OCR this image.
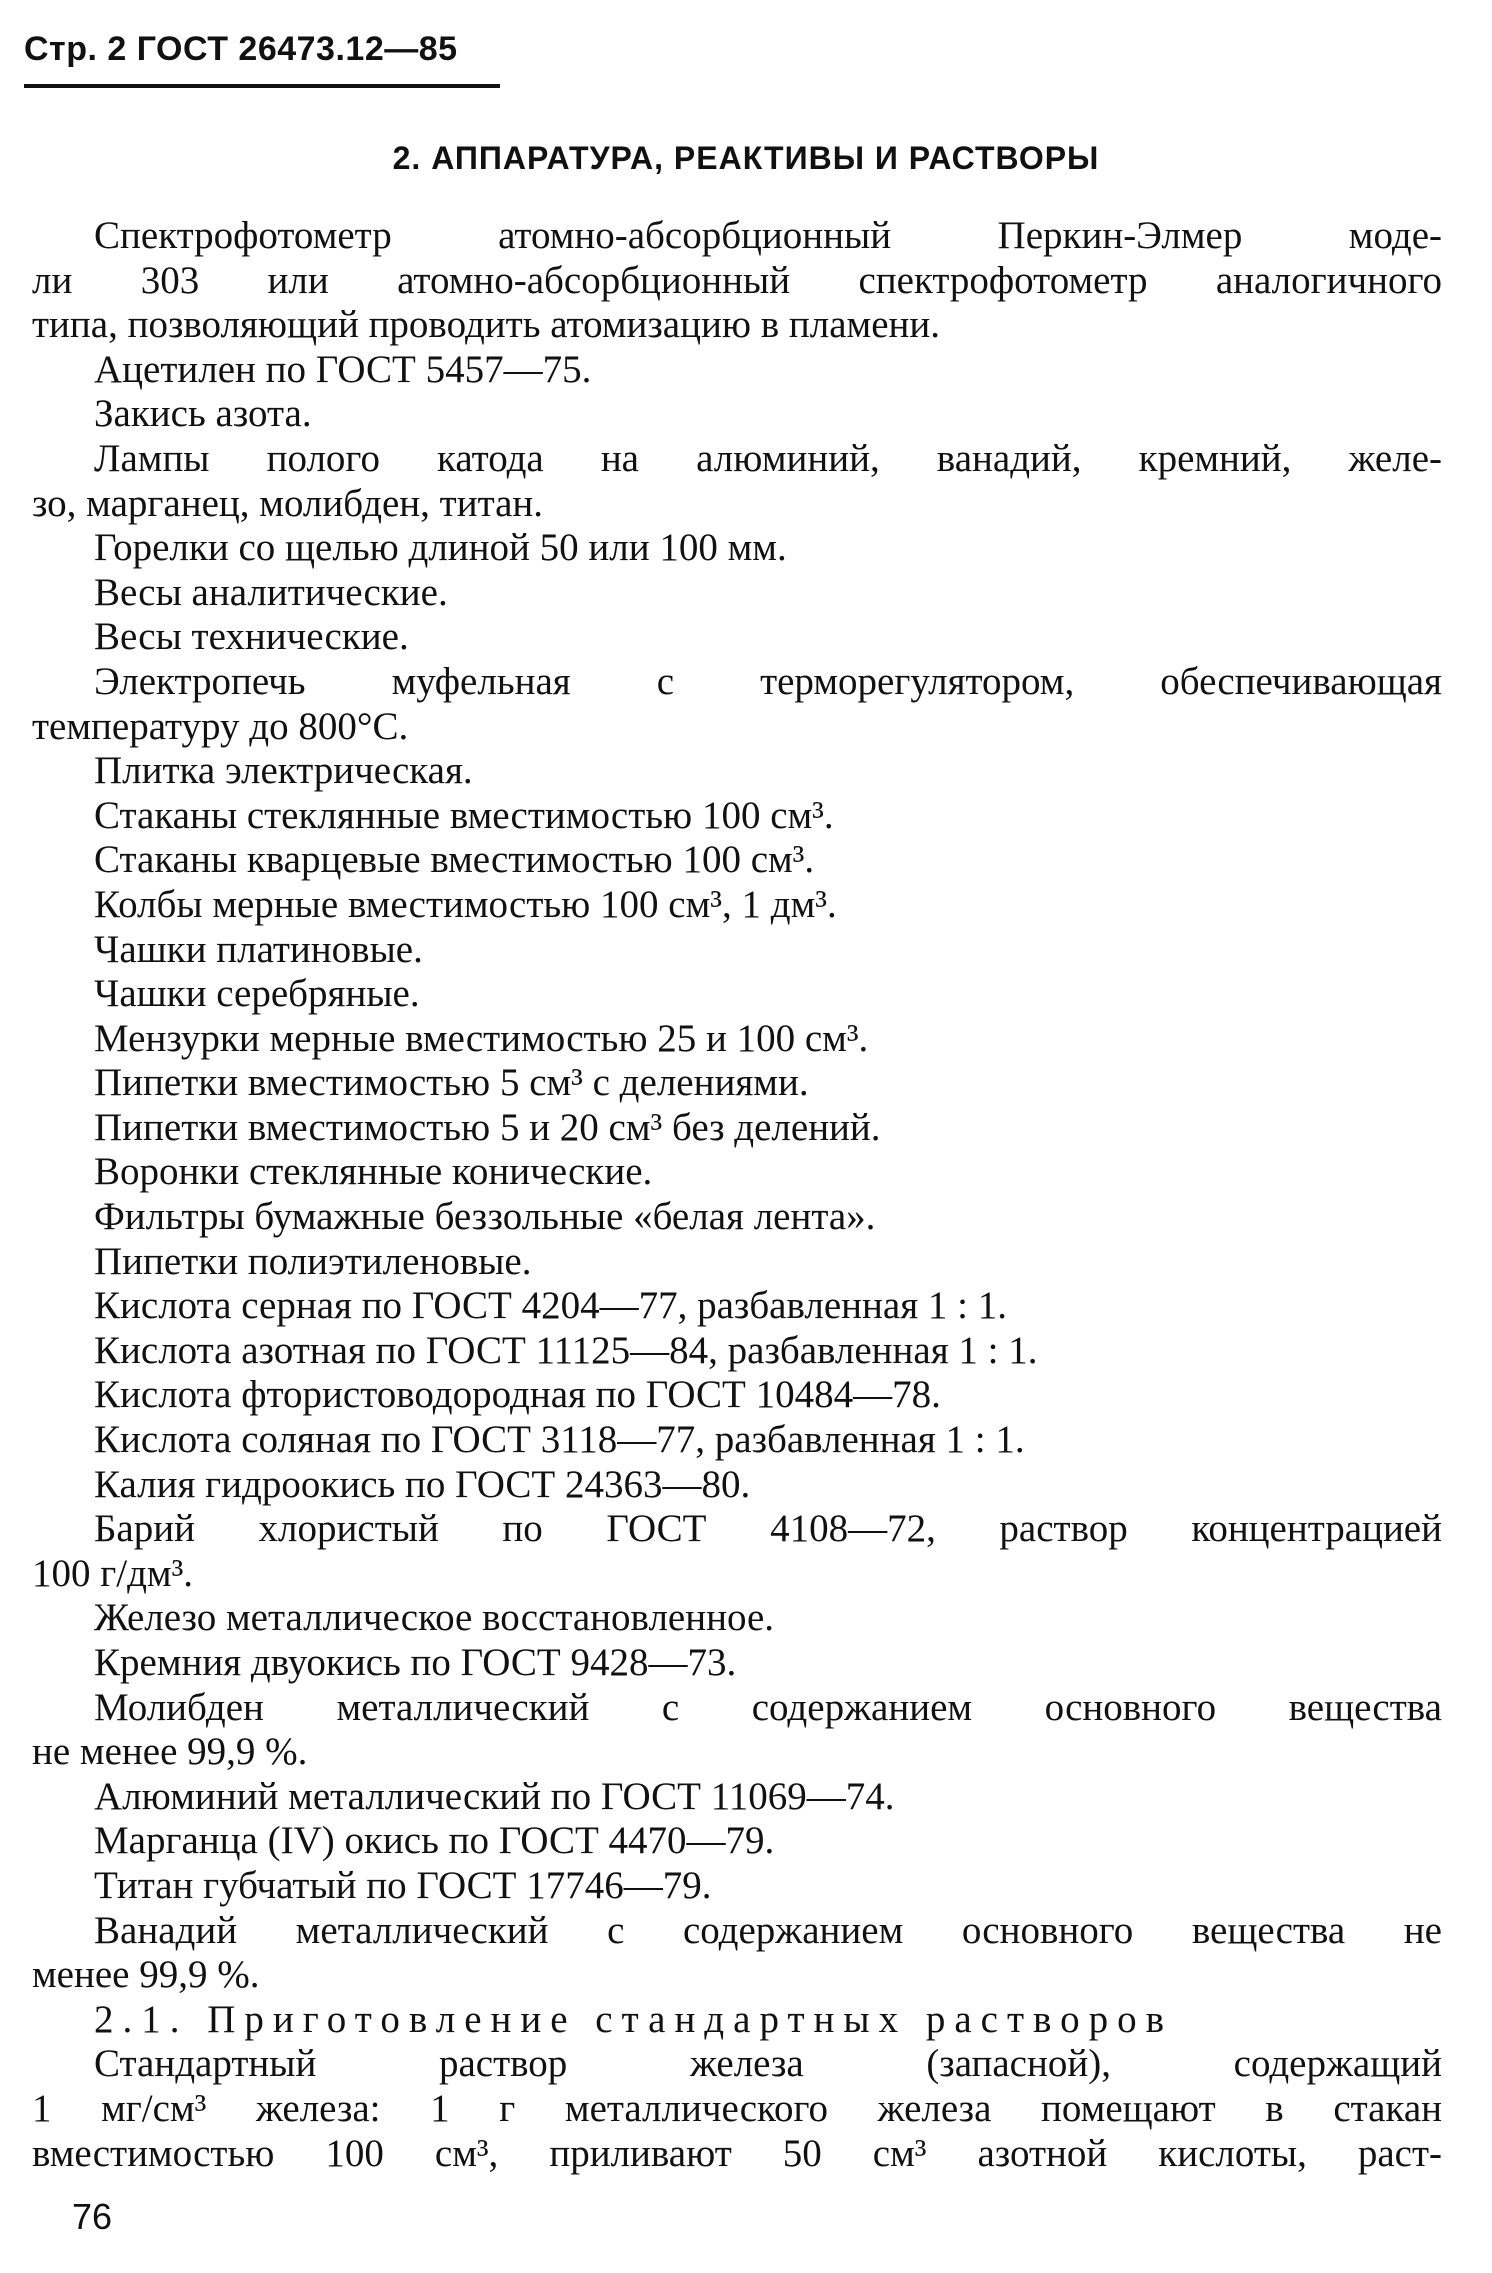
Стр. 2 ГОСТ 26473.12—85
2. АППАРАТУРА, РЕАКТИВЫ И РАСТВОРЫ

Спектрофотометр атомно-абсорбционный Перкин-Элмер моде-

ли 303 или атомно-абсорбционный спектрофотометр аналогичного

типа, позволяющий проводить атомизацию в пламени.

Ацетилен по ГОСТ 5457—75.

Закись азота.

Лампы полого катода на алюминий, ванадий, кремний, желе-

зо, марганец, молибден, титан.

Горелки со щелью длиной 50 или 100 мм.

Весы аналитические.

Весы технические.

Электропечь муфельная с терморегулятором, обеспечивающая

температуру до 800°С.

Плитка электрическая.

Стаканы стеклянные вместимостью 100 см³.

Стаканы кварцевые вместимостью 100 см³.

Колбы мерные вместимостью 100 см³, 1 дм³.

Чашки платиновые.

Чашки серебряные.

Мензурки мерные вместимостью 25 и 100 см³.

Пипетки вместимостью 5 см³ с делениями.

Пипетки вместимостью 5 и 20 см³ без делений.

Воронки стеклянные конические.

Фильтры бумажные беззольные «белая лента».

Пипетки полиэтиленовые.

Кислота серная по ГОСТ 4204—77, разбавленная 1 : 1.

Кислота азотная по ГОСТ 11125—84, разбавленная 1 : 1.

Кислота фтористоводородная по ГОСТ 10484—78.

Кислота соляная по ГОСТ 3118—77, разбавленная 1 : 1.

Калия гидроокись по ГОСТ 24363—80.

Барий хлористый по ГОСТ 4108—72, раствор концентрацией

100 г/дм³.

Железо металлическое восстановленное.

Кремния двуокись по ГОСТ 9428—73.

Молибден металлический с содержанием основного вещества

не менее 99,9 %.

Алюминий металлический по ГОСТ 11069—74.

Марганца (IV) окись по ГОСТ 4470—79.

Титан губчатый по ГОСТ 17746—79.

Ванадий металлический с содержанием основного вещества не

менее 99,9 %.

2.1. Приготовление стандартных растворов

Стандартный раствор железа (запасной), содержащий

1 мг/см³ железа: 1 г металлического железа помещают в стакан

вместимостью 100 см³, приливают 50 см³ азотной кислоты, раст-

76
